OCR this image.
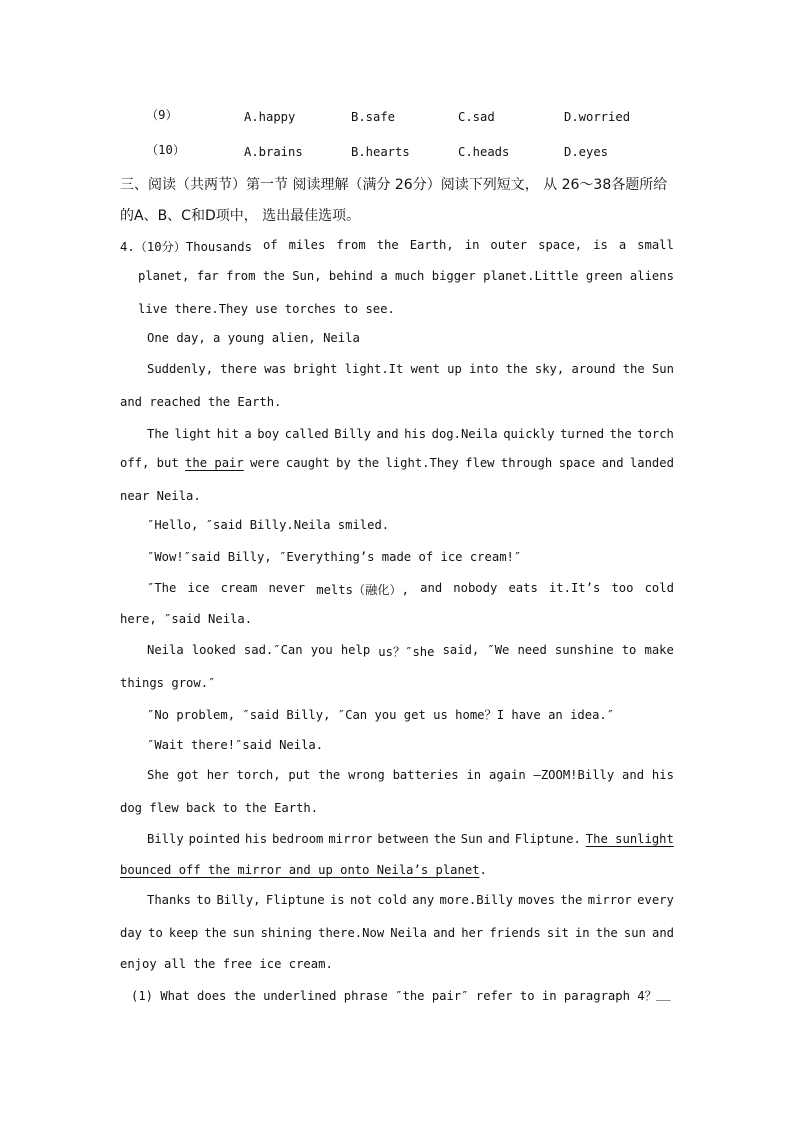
（9）	A.happy	B.safe	C.sad	D.worried
（10）	A.brains	B.hearts	C.heads	D.eyes
三、阅读（共两节）第一节 阅读理解（满分 26分）阅读下列短文， 从 26～38各题所给
的A、B、C和D项中， 选出最佳选项。
4.（10分）Thousands of miles from the Earth, in outer space, is a small
planet, far from the Sun, behind a much bigger planet.Little green aliens
live there.They use torches to see.
One day, a young alien, Neila
Suddenly, there was bright light.It went up into the sky, around the Sun
and reached the Earth.
The light hit a boy called Billy and his dog.Neila quickly turned the torch
off, but the pair were caught by the light.They flew through space and landed
near Neila.
″Hello, ″said Billy.Neila smiled.
″Wow!″said Billy, ″Everything’s made of ice cream!″
″The ice cream never melts（融化）, and nobody eats it.It’s too cold
here, ″said Neila.
Neila looked sad.″Can you help us？″she said, ″We need sunshine to make
things grow.″
″No problem, ″said Billy, ″Can you get us home？I have an idea.″
″Wait there!″said Neila.
She got her torch, put the wrong batteries in again –ZOOM!Billy and his
dog flew back to the Earth.
Billy pointed his bedroom mirror between the Sun and Fliptune. The sunlight
bounced off the mirror and up onto Neila’s planet.
Thanks to Billy, Fliptune is not cold any more.Billy moves the mirror every
day to keep the sun shining there.Now Neila and her friends sit in the sun and
enjoy all the free ice cream.
(1) What does the underlined phrase ″the pair″ refer to in paragraph 4？ __
